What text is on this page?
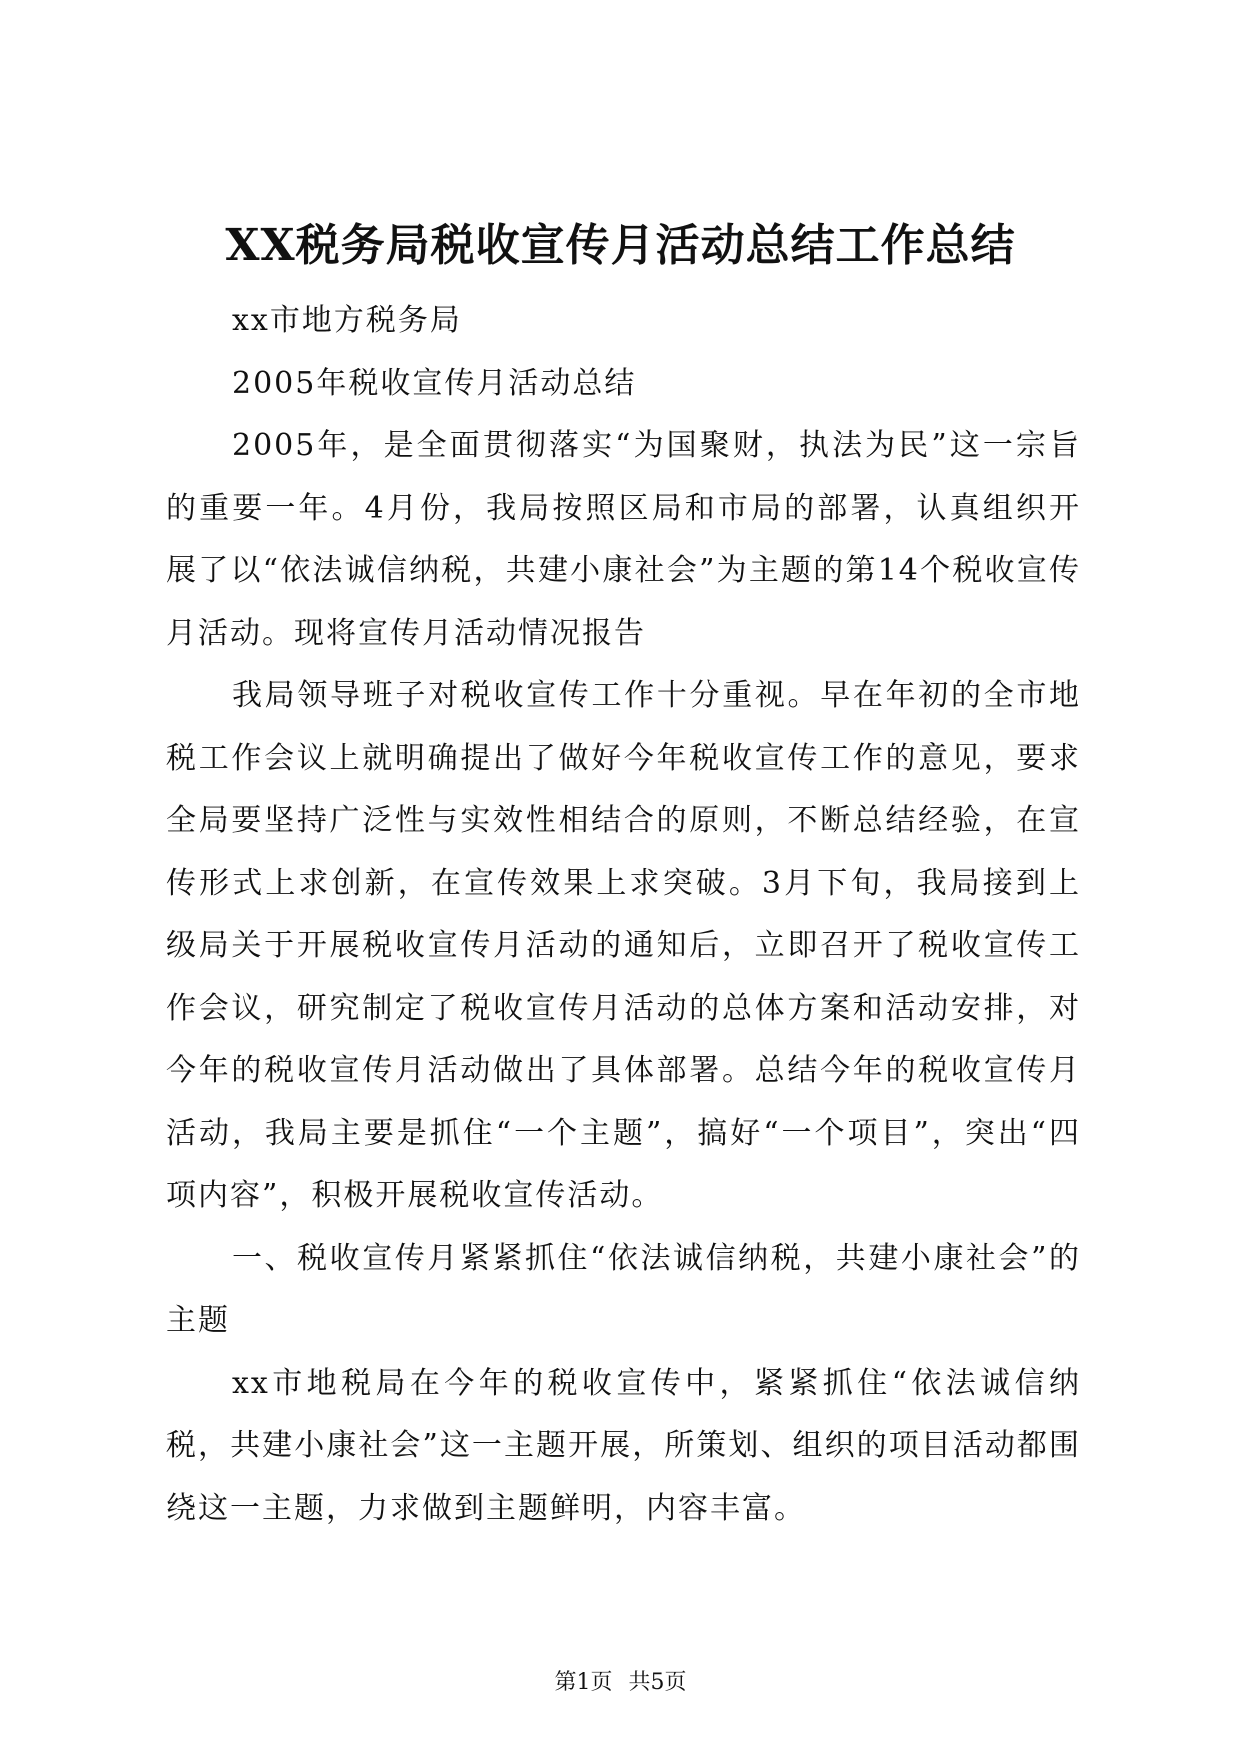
XX税务局税收宣传月活动总结工作总结

xx市地方税务局

2005年税收宣传月活动总结

2005年，是全面贯彻落实“为国聚财，执法为民”这一宗旨的重要一年。4月份，我局按照区局和市局的部署，认真组织开展了以“依法诚信纳税，共建小康社会”为主题的第14个税收宣传月活动。现将宣传月活动情况报告

我局领导班子对税收宣传工作十分重视。早在年初的全市地税工作会议上就明确提出了做好今年税收宣传工作的意见，要求全局要坚持广泛性与实效性相结合的原则，不断总结经验，在宣传形式上求创新，在宣传效果上求突破。3月下旬，我局接到上级局关于开展税收宣传月活动的通知后，立即召开了税收宣传工作会议，研究制定了税收宣传月活动的总体方案和活动安排，对今年的税收宣传月活动做出了具体部署。总结今年的税收宣传月活动，我局主要是抓住“一个主题”，搞好“一个项目”，突出“四项内容”，积极开展税收宣传活动。

一、税收宣传月紧紧抓住“依法诚信纳税，共建小康社会”的主题

xx市地税局在今年的税收宣传中，紧紧抓住“依法诚信纳税，共建小康社会”这一主题开展，所策划、组织的项目活动都围绕这一主题，力求做到主题鲜明，内容丰富。

第1页 共5页
